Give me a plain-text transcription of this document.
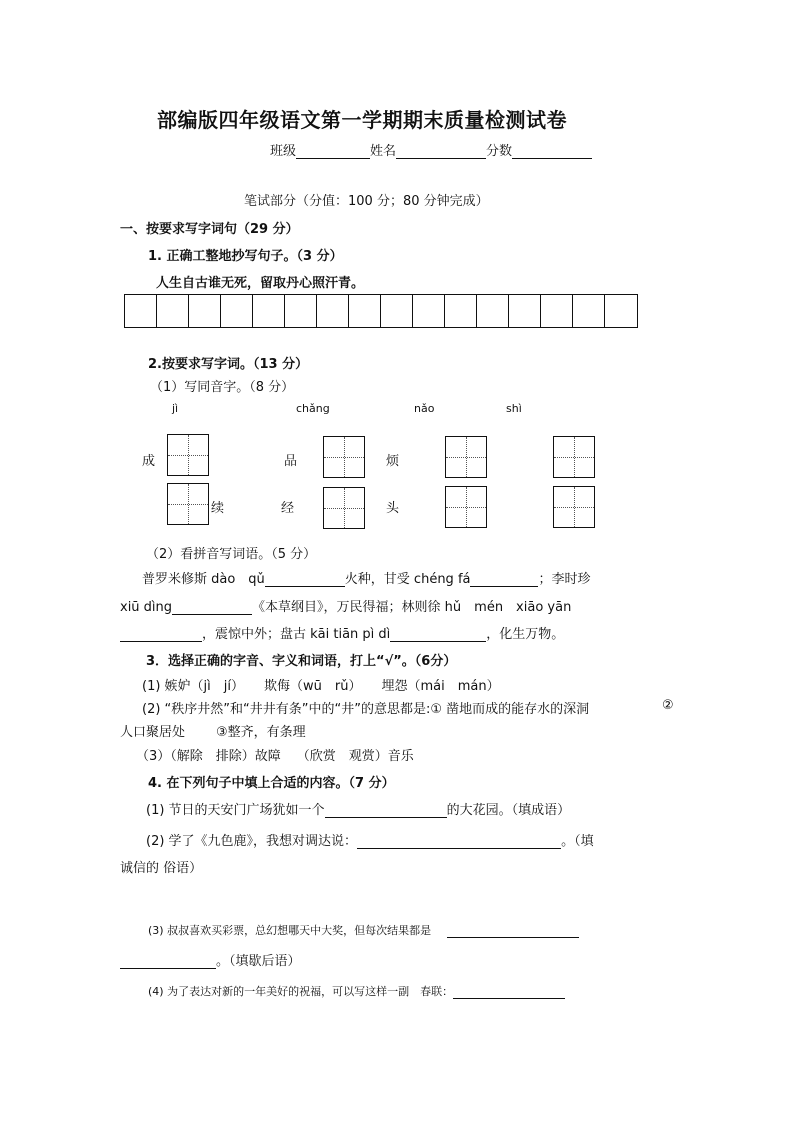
部编版四年级语文第一学期期末质量检测试卷
班级	姓名	分数
笔试部分（分值：100 分；80 分钟完成）
一、按要求写字词句（29 分）
1. 正确工整地抄写句子。（3 分）
人生自古谁无死，留取丹心照汗青。
2.按要求写字词。（13 分）
（1）写同音字。（8 分）
jì	chǎng	nǎo	shì
成	品	烦
续	经	头
（2）看拼音写词语。（5 分）
普罗米修斯 dào　qǔ	火种，甘受 chéng fá	；李时珍
xiū dìng	《本草纲目》，万民得福；林则徐 hǔ　mén　xiāo yān
，震惊中外；盘古 kāi tiān pì dì	，化生万物。
3．选择正确的字音、字义和词语，打上“√”。（6分）
(1) 嫉妒（jì　jí） 欺侮（wū　rǔ） 埋怨（mái　mán）
(2) “秩序井然”和“井井有条”中的“井”的意思都是:① 凿地而成的能存水的深洞	②
人口聚居处 ③整齐，有条理
（3）（解除　排除）故障 （欣赏　观赏）音乐
4. 在下列句子中填上合适的内容。（7 分）
(1) 节日的天安门广场犹如一个	的大花园。（填成语）
(2) 学了《九色鹿》，我想对调达说：	。（填
诚信的 俗语）
(3) 叔叔喜欢买彩票，总幻想哪天中大奖，但每次结果都是
。（填歇后语）
(4) 为了表达对新的一年美好的祝福，可以写这样一副　春联：
